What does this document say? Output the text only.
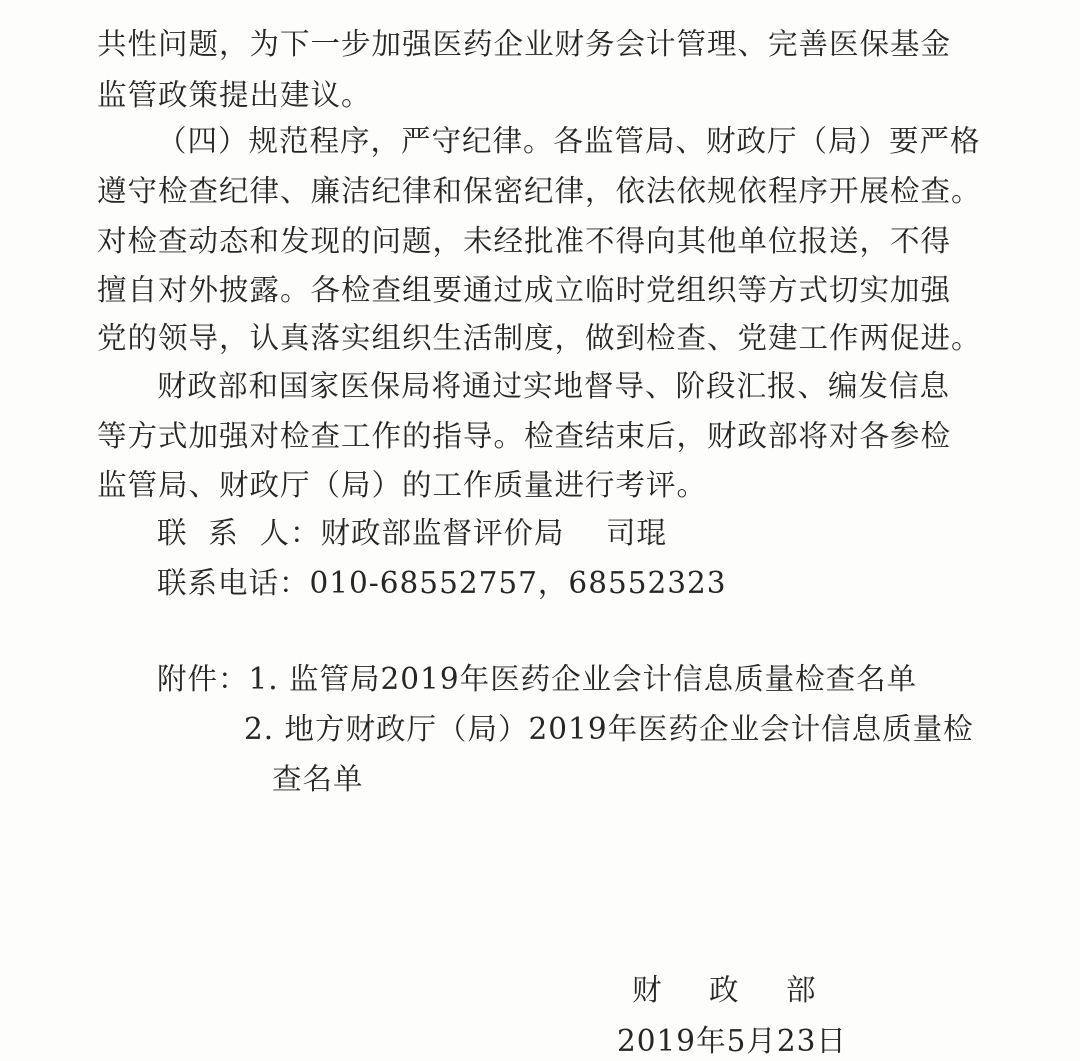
共性问题，为下一步加强医药企业财务会计管理、完善医保基金
监管政策提出建议。
（四）规范程序，严守纪律。各监管局、财政厅（局）要严格
遵守检查纪律、廉洁纪律和保密纪律，依法依规依程序开展检查。
对检查动态和发现的问题，未经批准不得向其他单位报送，不得
擅自对外披露。各检查组要通过成立临时党组织等方式切实加强
党的领导，认真落实组织生活制度，做到检查、党建工作两促进。
财政部和国家医保局将通过实地督导、阶段汇报、编发信息
等方式加强对检查工作的指导。检查结束后，财政部将对各参检
监管局、财政厅（局）的工作质量进行考评。
联  系  人：财政部监督评价局    司琨
联系电话：010-68552757，68552323
附件：1. 监管局2019年医药企业会计信息质量检查名单
2. 地方财政厅（局）2019年医药企业会计信息质量检
查名单
财    政    部
2019年5月23日
